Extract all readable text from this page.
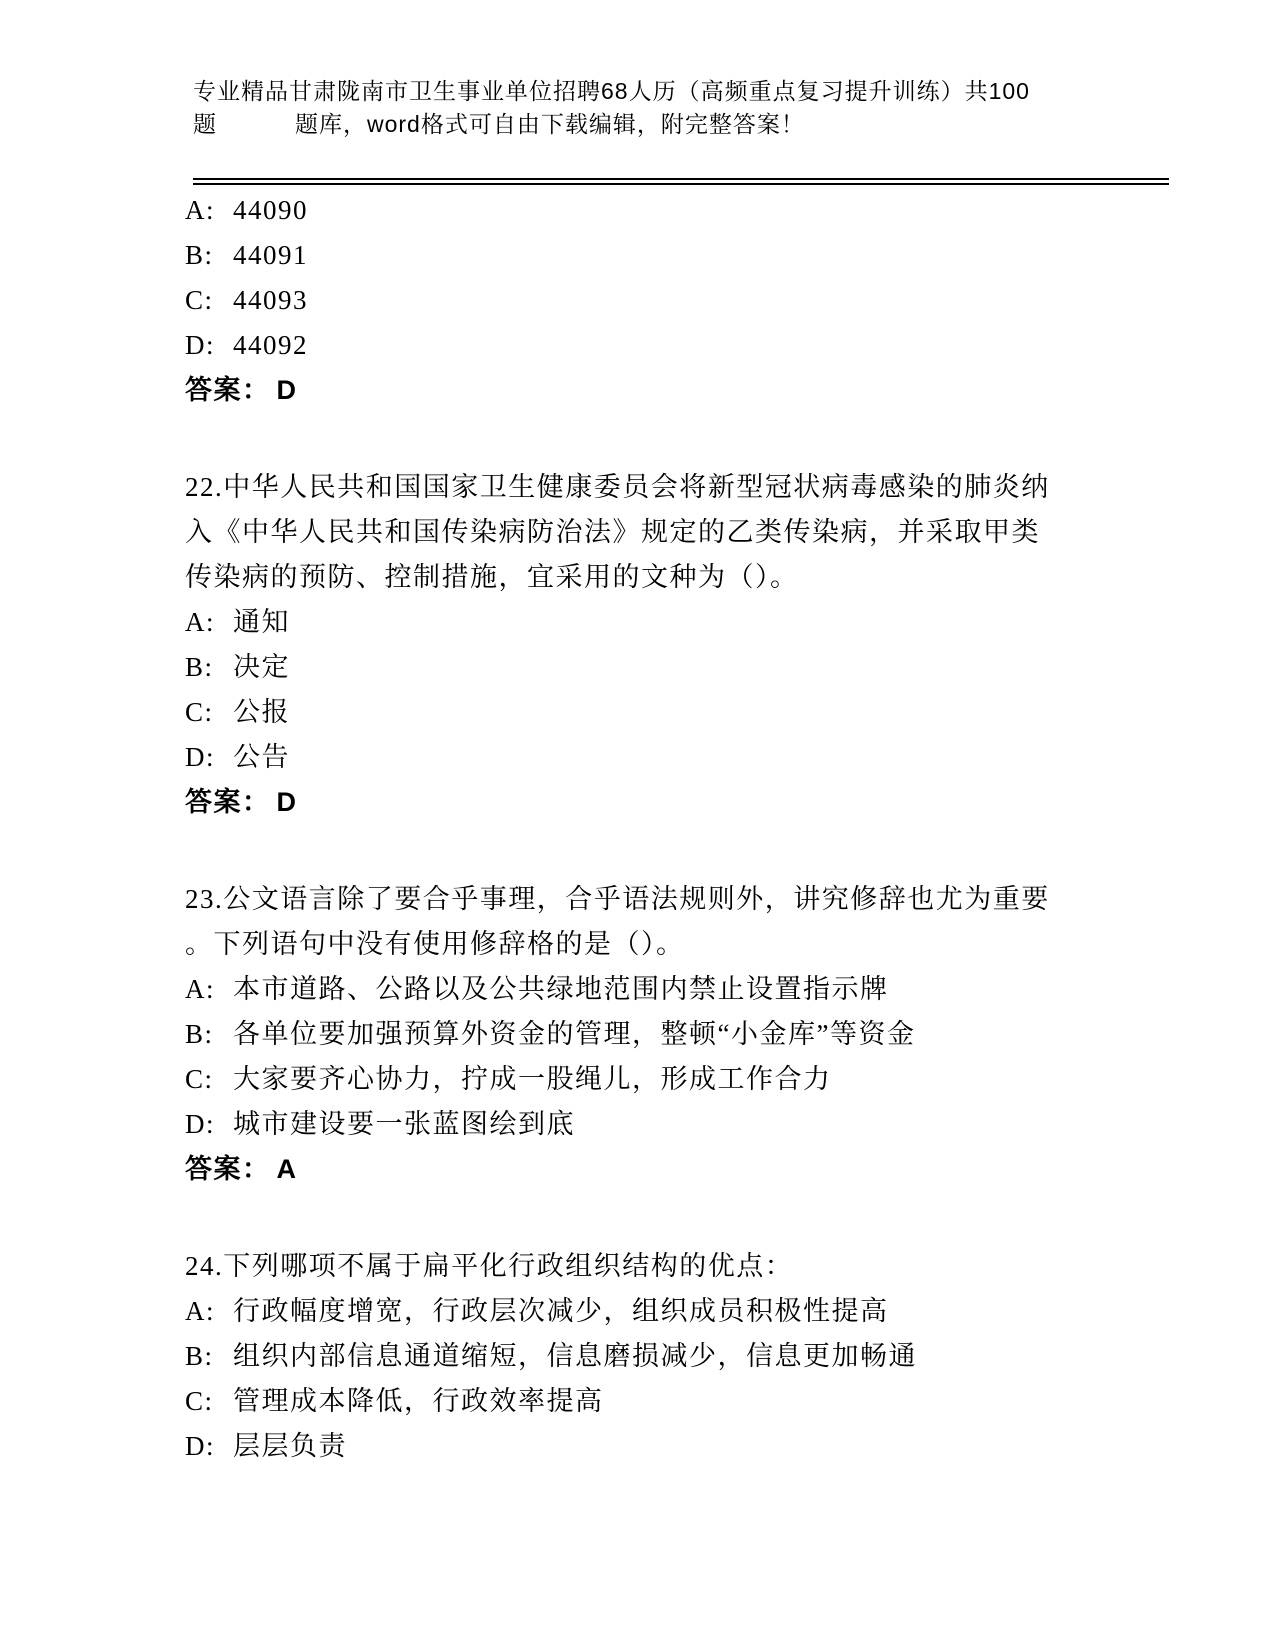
专业精品甘肃陇南市卫生事业单位招聘68人历（高频重点复习提升训练）共100
题	题库，word格式可自由下载编辑，附完整答案！
A: 44090
B: 44091
C: 44093
D: 44092
答案： D
22.中华人民共和国国家卫生健康委员会将新型冠状病毒感染的肺炎纳
入《中华人民共和国传染病防治法》规定的乙类传染病，并采取甲类
传染病的预防、控制措施，宜采用的文种为（）。
A: 通知
B: 决定
C: 公报
D: 公告
答案： D
23.公文语言除了要合乎事理，合乎语法规则外，讲究修辞也尤为重要
。下列语句中没有使用修辞格的是（）。
A: 本市道路、公路以及公共绿地范围内禁止设置指示牌
B: 各单位要加强预算外资金的管理，整顿“小金库”等资金
C: 大家要齐心协力，拧成一股绳儿，形成工作合力
D: 城市建设要一张蓝图绘到底
答案： A
24.下列哪项不属于扁平化行政组织结构的优点：
A: 行政幅度增宽，行政层次减少，组织成员积极性提高
B: 组织内部信息通道缩短，信息磨损减少，信息更加畅通
C: 管理成本降低，行政效率提高
D: 层层负责
